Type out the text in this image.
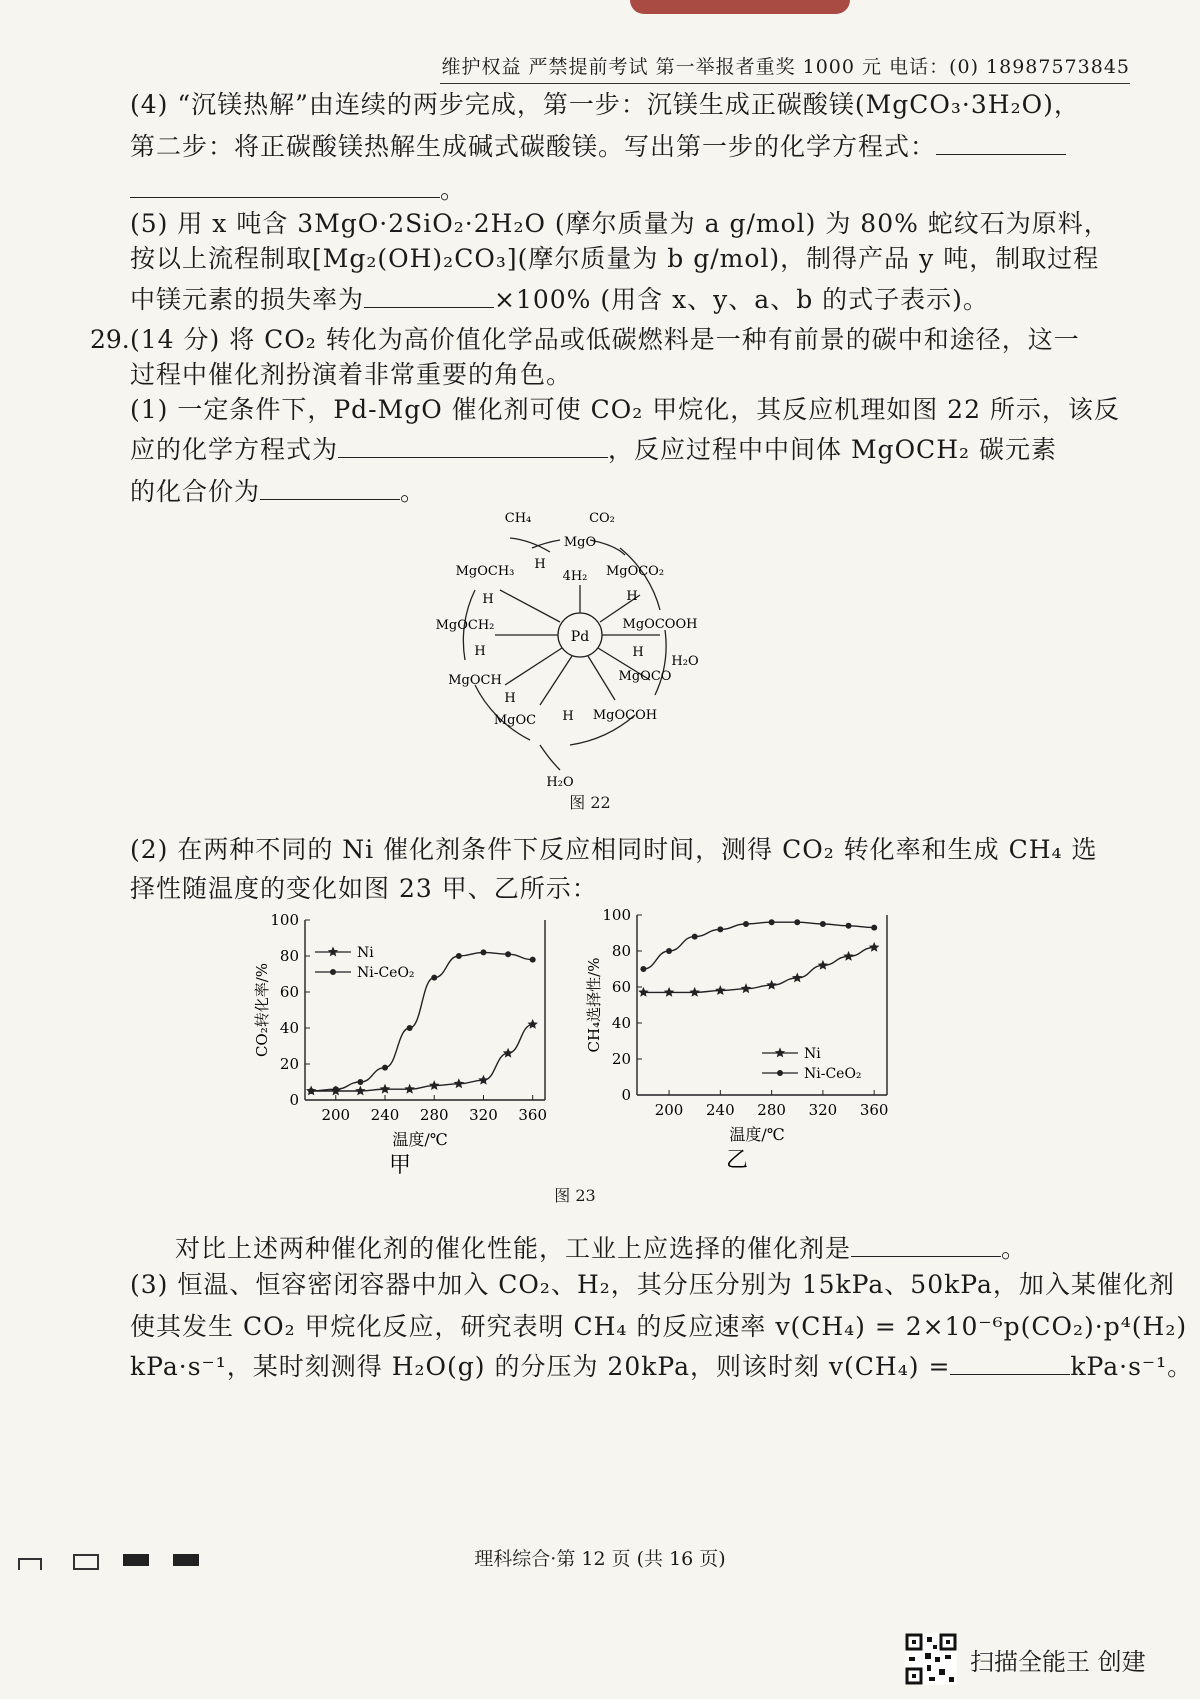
维护权益 严禁提前考试 第一举报者重奖 1000 元 电话：(0) 18987573845
(4) “沉镁热解”由连续的两步完成，第一步：沉镁生成正碳酸镁(MgCO₃·3H₂O)，
第二步：将正碳酸镁热解生成碱式碳酸镁。写出第一步的化学方程式：
。
(5) 用 x 吨含 3MgO·2SiO₂·2H₂O (摩尔质量为 a g/mol) 为 80% 蛇纹石为原料，
按以上流程制取[Mg₂(OH)₂CO₃](摩尔质量为 b g/mol)，制得产品 y 吨，制取过程
中镁元素的损失率为	×100% (用含 x、y、a、b 的式子表示)。
29. (14 分) 将 CO₂ 转化为高价值化学品或低碳燃料是一种有前景的碳中和途径，这一
过程中催化剂扮演着非常重要的角色。
(1) 一定条件下，Pd-MgO 催化剂可使 CO₂ 甲烷化，其反应机理如图 22 所示，该反
应的化学方程式为	，反应过程中中间体 MgOCH₂ 碳元素
的化合价为	。
Pd
MgO
MgOCO₂
MgOCOOH
MgOCO
MgOCOH
MgOC
MgOCH
MgOCH₂
MgOCH₃
CH₄	CO₂
4H₂
H
H
H
H
H
H
H
H₂O
H₂O
图 22
(2) 在两种不同的 Ni 催化剂条件下反应相同时间，测得 CO₂ 转化率和生成 CH₄ 选
择性随温度的变化如图 23 甲、乙所示：
0
20
40
60
80
100
200 240 280 320 360
温度/℃
CO₂转化率/%
甲
Ni
Ni-CeO₂
0
20
40
60
80
100
200 240 280 320 360
温度/℃
CH₄选择性/%
乙
Ni
Ni-CeO₂
图 23
对比上述两种催化剂的催化性能，工业上应选择的催化剂是	。
(3) 恒温、恒容密闭容器中加入 CO₂、H₂，其分压分别为 15kPa、50kPa，加入某催化剂
使其发生 CO₂ 甲烷化反应，研究表明 CH₄ 的反应速率 v(CH₄) = 2×10⁻⁶p(CO₂)·p⁴(H₂)
kPa·s⁻¹，某时刻测得 H₂O(g) 的分压为 20kPa，则该时刻 v(CH₄) =	kPa·s⁻¹。
理科综合·第 12 页 (共 16 页)
扫描全能王 创建
